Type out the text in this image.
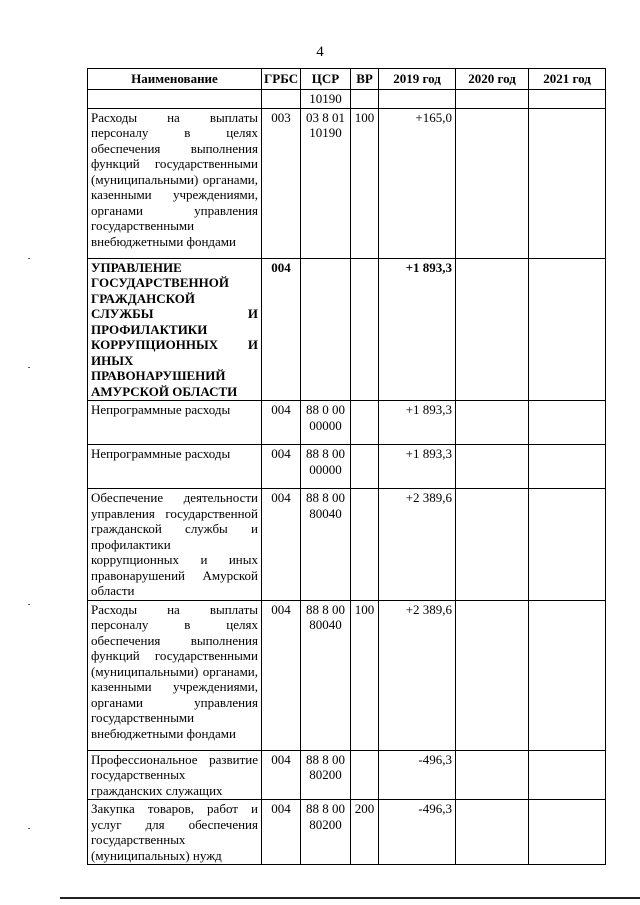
4
Наименование	ГРБС	ЦСР	ВР	2019 год	2020 год	2021 год
		10190				
Расходы на выплаты персоналу в целях обеспечения выполнения функций государственными (муниципальными) органами, казенными учреждениями, органами управления государственными внебюджетными фондами	003	03 8 01 10190	100	+165,0		
УПРАВЛЕНИЕ ГОСУДАРСТВЕННОЙ ГРАЖДАНСКОЙ СЛУЖБЫ И ПРОФИЛАКТИКИ КОРРУПЦИОННЫХ И ИНЫХ ПРАВОНАРУШЕНИЙ АМУРСКОЙ ОБЛАСТИ	004			+1 893,3		
Непрограммные расходы	004	88 0 00 00000		+1 893,3		
Непрограммные расходы	004	88 8 00 00000		+1 893,3		
Обеспечение деятельности управления государственной гражданской службы и профилактики коррупционных и иных правонарушений Амурской области	004	88 8 00 80040		+2 389,6		
Расходы на выплаты персоналу в целях обеспечения выполнения функций государственными (муниципальными) органами, казенными учреждениями, органами управления государственными внебюджетными фондами	004	88 8 00 80040	100	+2 389,6		
Профессиональное развитие государственных гражданских служащих	004	88 8 00 80200		-496,3		
Закупка товаров, работ и услуг для обеспечения государственных (муниципальных) нужд	004	88 8 00 80200	200	-496,3		
